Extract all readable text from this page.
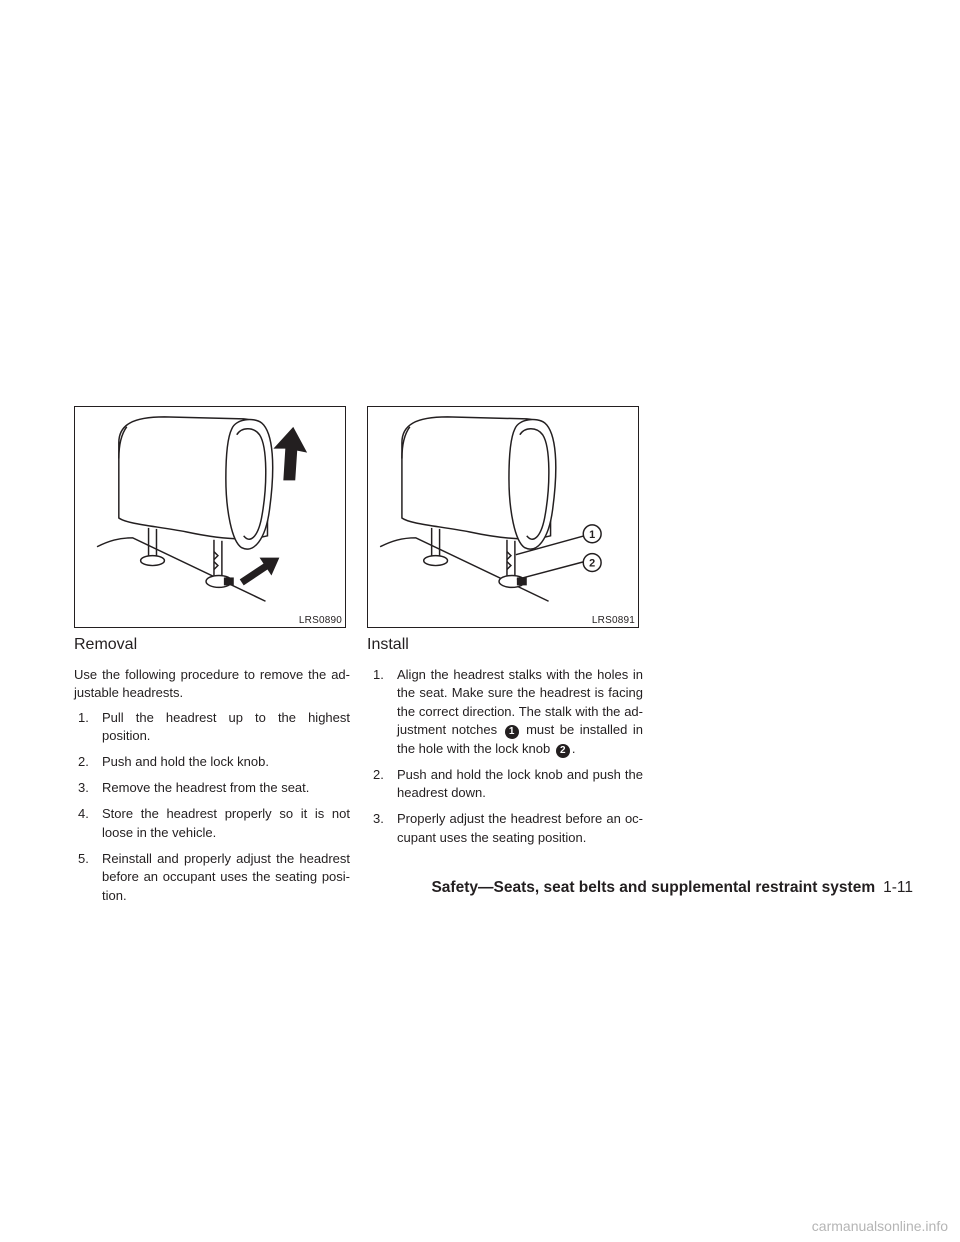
LRS0890
1
2
LRS0891
Removal

Use the following procedure to remove the ad-justable headrests.

1. Pull the headrest up to the highest position.
2. Push and hold the lock knob.
3. Remove the headrest from the seat.
4. Store the headrest properly so it is not loose in the vehicle.
5. Reinstall and properly adjust the headrest before an occupant uses the seating posi-tion.
Install
1. Align the headrest stalks with the holes in the seat. Make sure the headrest is facing the correct direction. The stalk with the ad-justment notches 1 must be installed in the hole with the lock knob 2 .
2. Push and hold the lock knob and push the headrest down.
3. Properly adjust the headrest before an oc-cupant uses the seating position.
Safety—Seats, seat belts and supplemental restraint system 1-11
carmanualsonline.info
